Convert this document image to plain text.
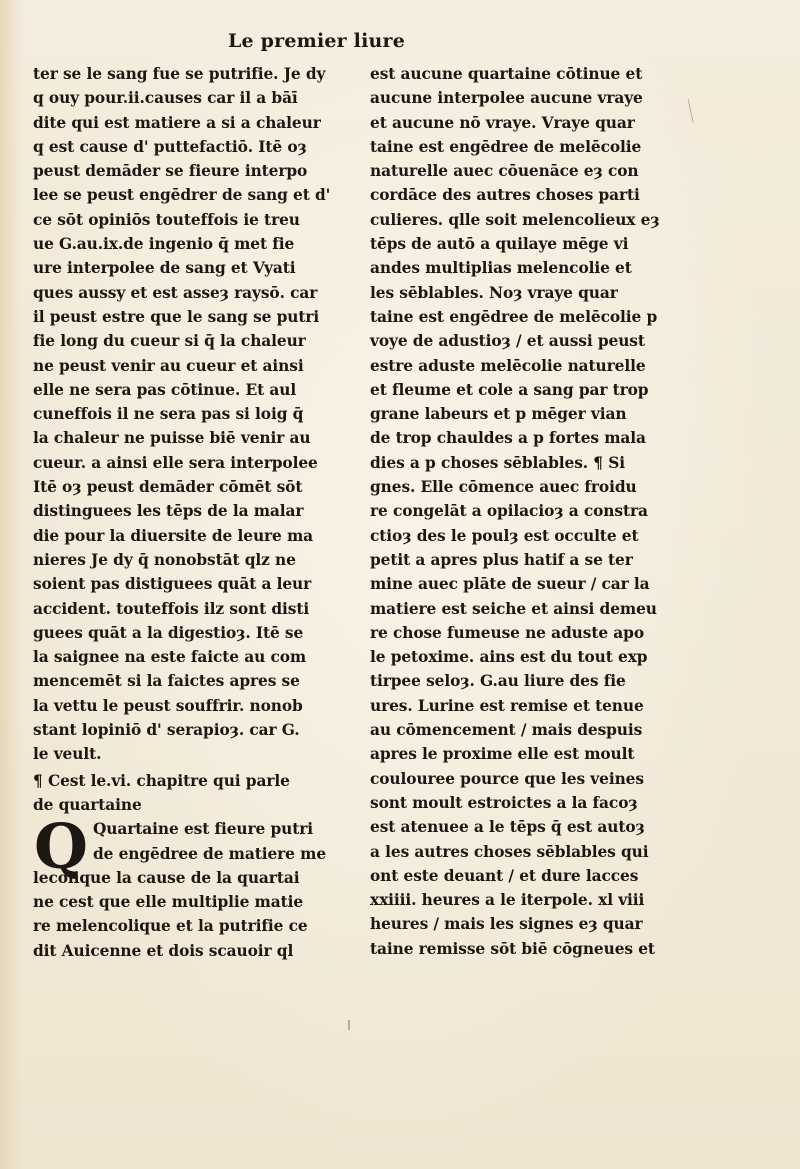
Le premier liure
ter se le sang fue se putrifie. Je dy
q ouy pour.ii.causes car il a bāī
dite qui est matiere a si a chaleur
q est cause d' puttefactiō. Itē oȝ
peust demāder se fieure interpo
lee se peust engēdrer de sang et d'
ce sōt opiniōs touteffois ie treu
ue G.au.ix.de ingenio q̄ met fie
ure interpolee de sang et Vyati
ques aussy et est asseȝ raysō. car
il peust estre que le sang se putri
fie long du cueur si q̄ la chaleur
ne peust venir au cueur et ainsi
elle ne sera pas cōtinue. Et aul
cuneffois il ne sera pas si loig q̄
la chaleur ne puisse biē venir au
cueur. a ainsi elle sera interpolee
Itē oȝ peust demāder cōmēt sōt
distinguees les tēps de la malar
die pour la diuersite de leure ma
nieres Je dy q̄ nonobstāt qlz ne
soient pas distiguees quāt a leur
accident. touteffois ilz sont disti
guees quāt a la digestioȝ. Itē se
la saignee na este faicte au com
mencemēt si la faictes apres se
la vettu le peust souffrir. nonob
stant lopiniō d' serapioȝ. car G.
le veult.
¶ Cest le.vi. chapitre qui parle
de quartaine
Q Quartaine est fieure putri
de engēdree de matiere me
lecolique la cause de la quartai
ne cest que elle multiplie matie
re melencolique et la putrifie ce
dit Auicenne et dois scauoir ql
est aucune quartaine cōtinue et
aucune interpolee aucune vraye
et aucune nō vraye. Vraye quar
taine est engēdree de melēcolie
naturelle auec cōuenāce eȝ con
cordāce des autres choses parti
culieres. qlle soit melencolieux eȝ
tēps de autō a quilaye mēge vi
andes multiplias melencolie et
les sēblables. Noȝ vraye quar
taine est engēdree de melēcolie p
voye de adustioȝ / et aussi peust
estre aduste melēcolie naturelle
et fleume et cole a sang par trop
grane labeurs et p mēger vian
de trop chauldes a p fortes mala
dies a p choses sēblables. ¶ Si
gnes. Elle cōmence auec froidu
re congelāt a opilacioȝ a constra
ctioȝ des le poulȝ est occulte et
petit a apres plus hatif a se ter
mine auec plāte de sueur / car la
matiere est seiche et ainsi demeu
re chose fumeuse ne aduste apo
le petoxime. ains est du tout exp
tirpee seloȝ. G.au liure des fie
ures. Lurine est remise et tenue
au cōmencement / mais despuis
apres le proxime elle est moult
coulouree pource que les veines
sont moult estroictes a la facoȝ
est atenuee a le tēps q̄ est autoȝ
a les autres choses sēblables qui
ont este deuant / et dure lacces
xxiiii. heures a le iterpole. xl viii
heures / mais les signes eȝ quar
taine remisse sōt biē cōgneues et
